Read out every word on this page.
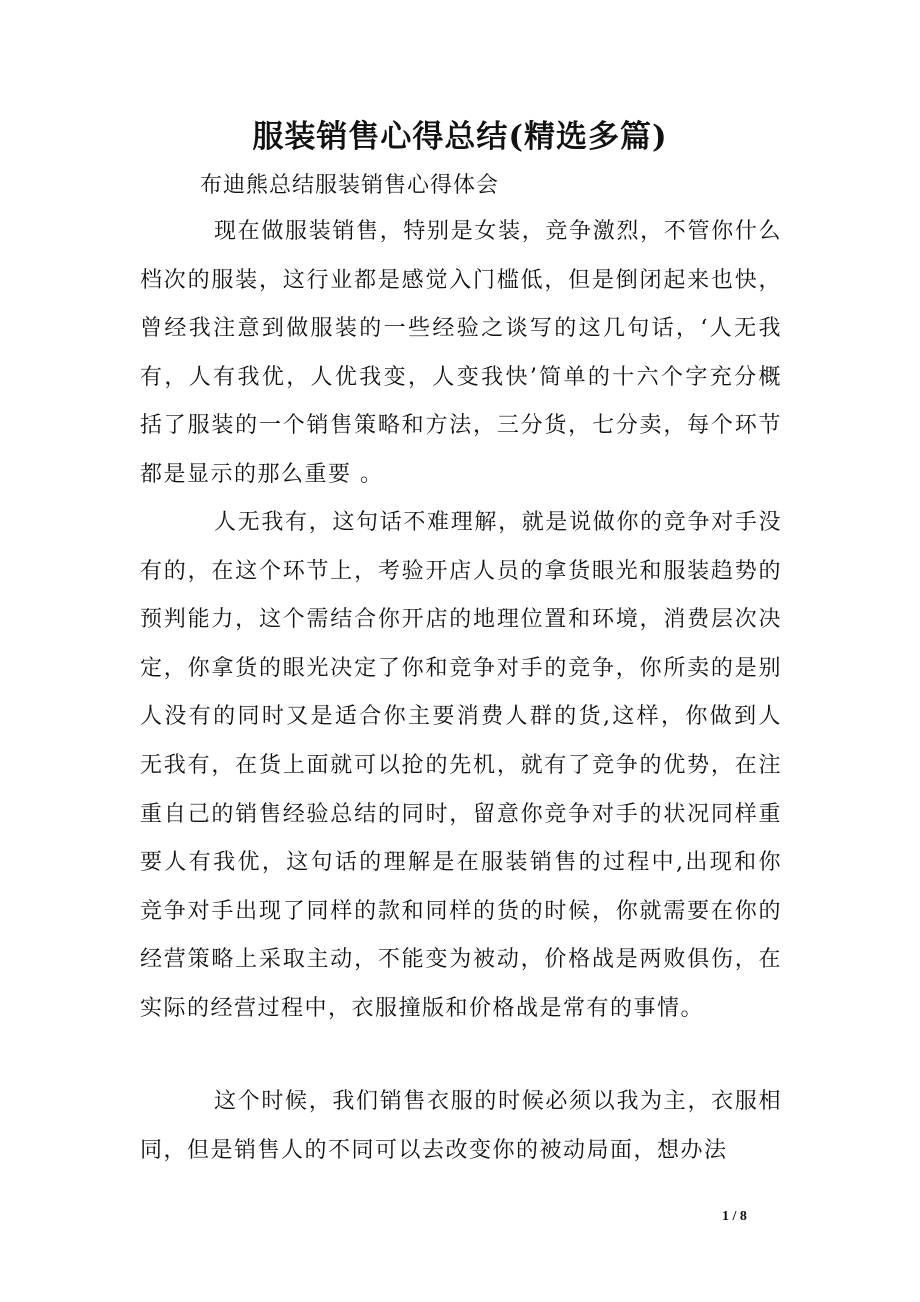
服装销售心得总结(精选多篇)

布迪熊总结服装销售心得体会

现在做服装销售，特别是女装，竞争激烈，不管你什么档次的服装，这行业都是感觉入门槛低，但是倒闭起来也快，曾经我注意到做服装的一些经验之谈写的这几句话，‘人无我有，人有我优，人优我变，人变我快’简单的十六个字充分概括了服装的一个销售策略和方法，三分货，七分卖，每个环节都是显示的那么重要 。

人无我有，这句话不难理解，就是说做你的竞争对手没有的，在这个环节上，考验开店人员的拿货眼光和服装趋势的预判能力，这个需结合你开店的地理位置和环境，消费层次决定，你拿货的眼光决定了你和竞争对手的竞争，你所卖的是别人没有的同时又是适合你主要消费人群的货,这样，你做到人无我有，在货上面就可以抢的先机，就有了竞争的优势，在注重自己的销售经验总结的同时，留意你竞争对手的状况同样重要人有我优，这句话的理解是在服装销售的过程中,出现和你竞争对手出现了同样的款和同样的货的时候，你就需要在你的经营策略上采取主动，不能变为被动，价格战是两败俱伤，在实际的经营过程中，衣服撞版和价格战是常有的事情。

这个时候，我们销售衣服的时候必须以我为主，衣服相同，但是销售人的不同可以去改变你的被动局面，想办法

1 / 8
